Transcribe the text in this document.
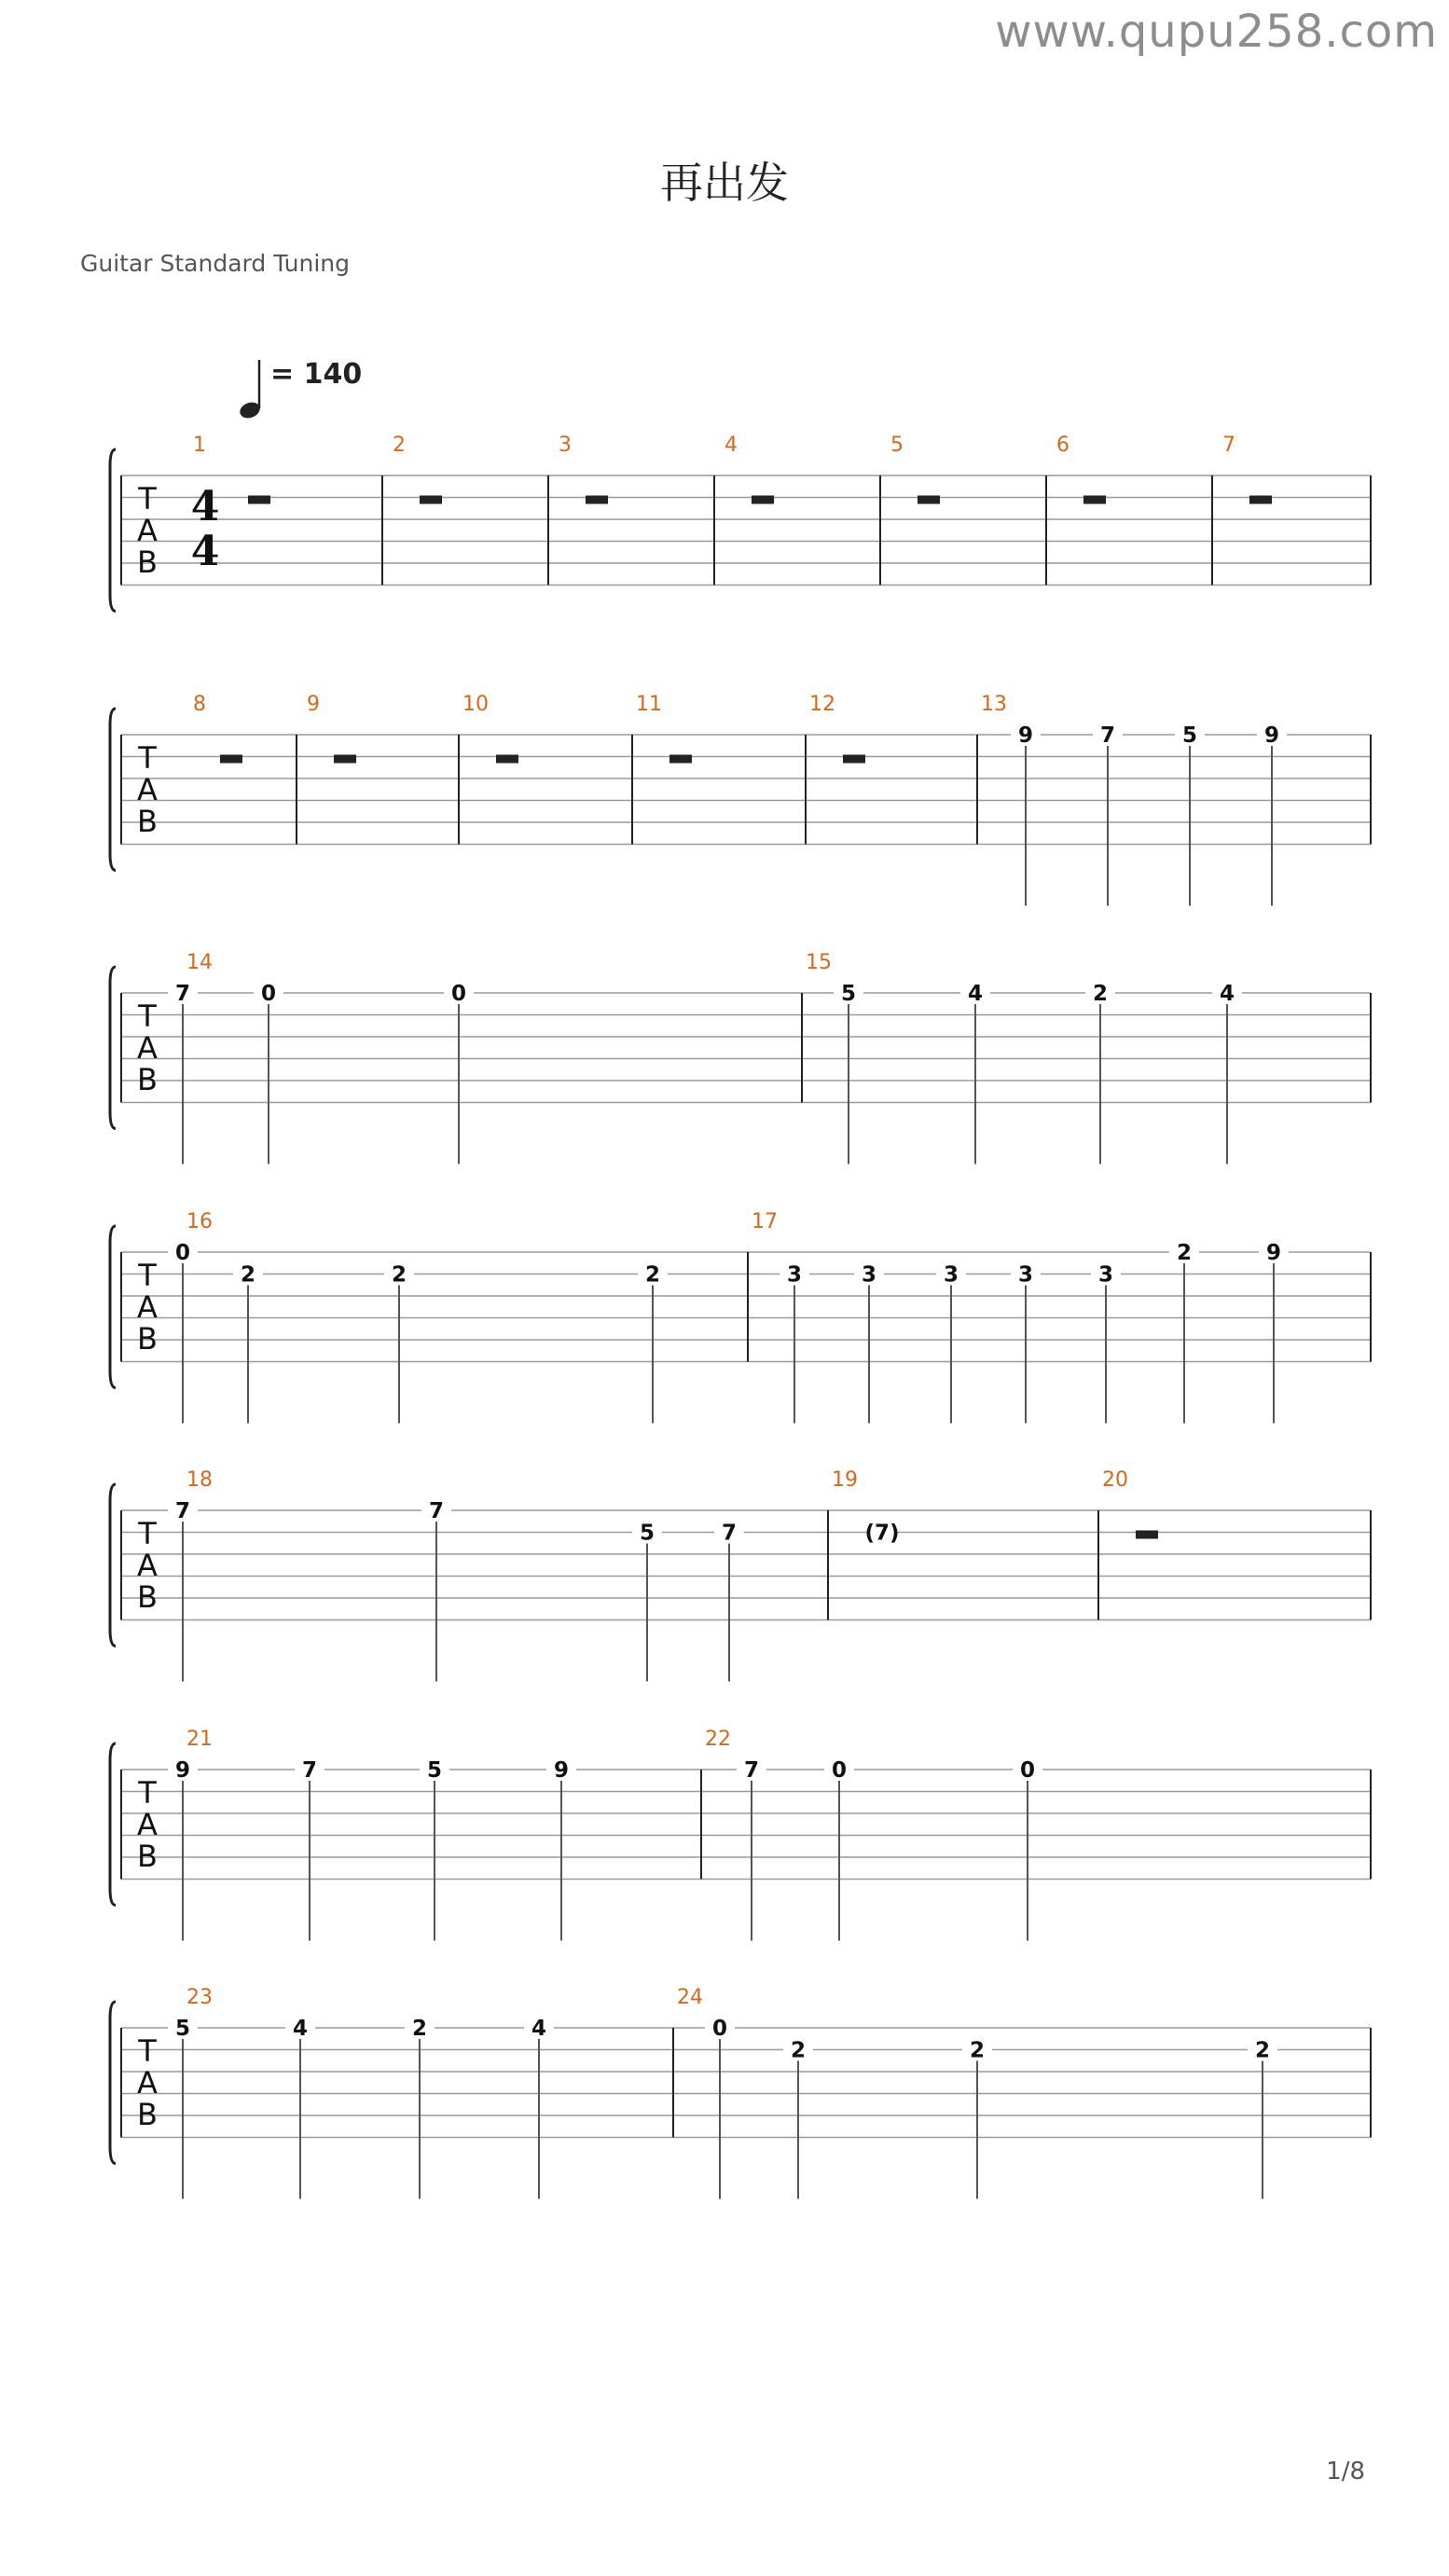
www.qupu258.com
再出发
Guitar Standard Tuning
= 140
1/8
T
A
B
4
4
1	2	3	4	5	6	7
T
A
B
8	9	10	11	12	13
9	7	5	9
T
A
B
14
7	0	0
15
5	4	2	4
T
A
B
16
0
2	2	2
17
3	3	3	3	3
2	9
T
A
B
18
7	7
5	7
19
(7)
20
T
A
B
21
9	7	5	9
22
7	0	0
T
A
B
23
5	4	2	4
24
0
2	2	2
